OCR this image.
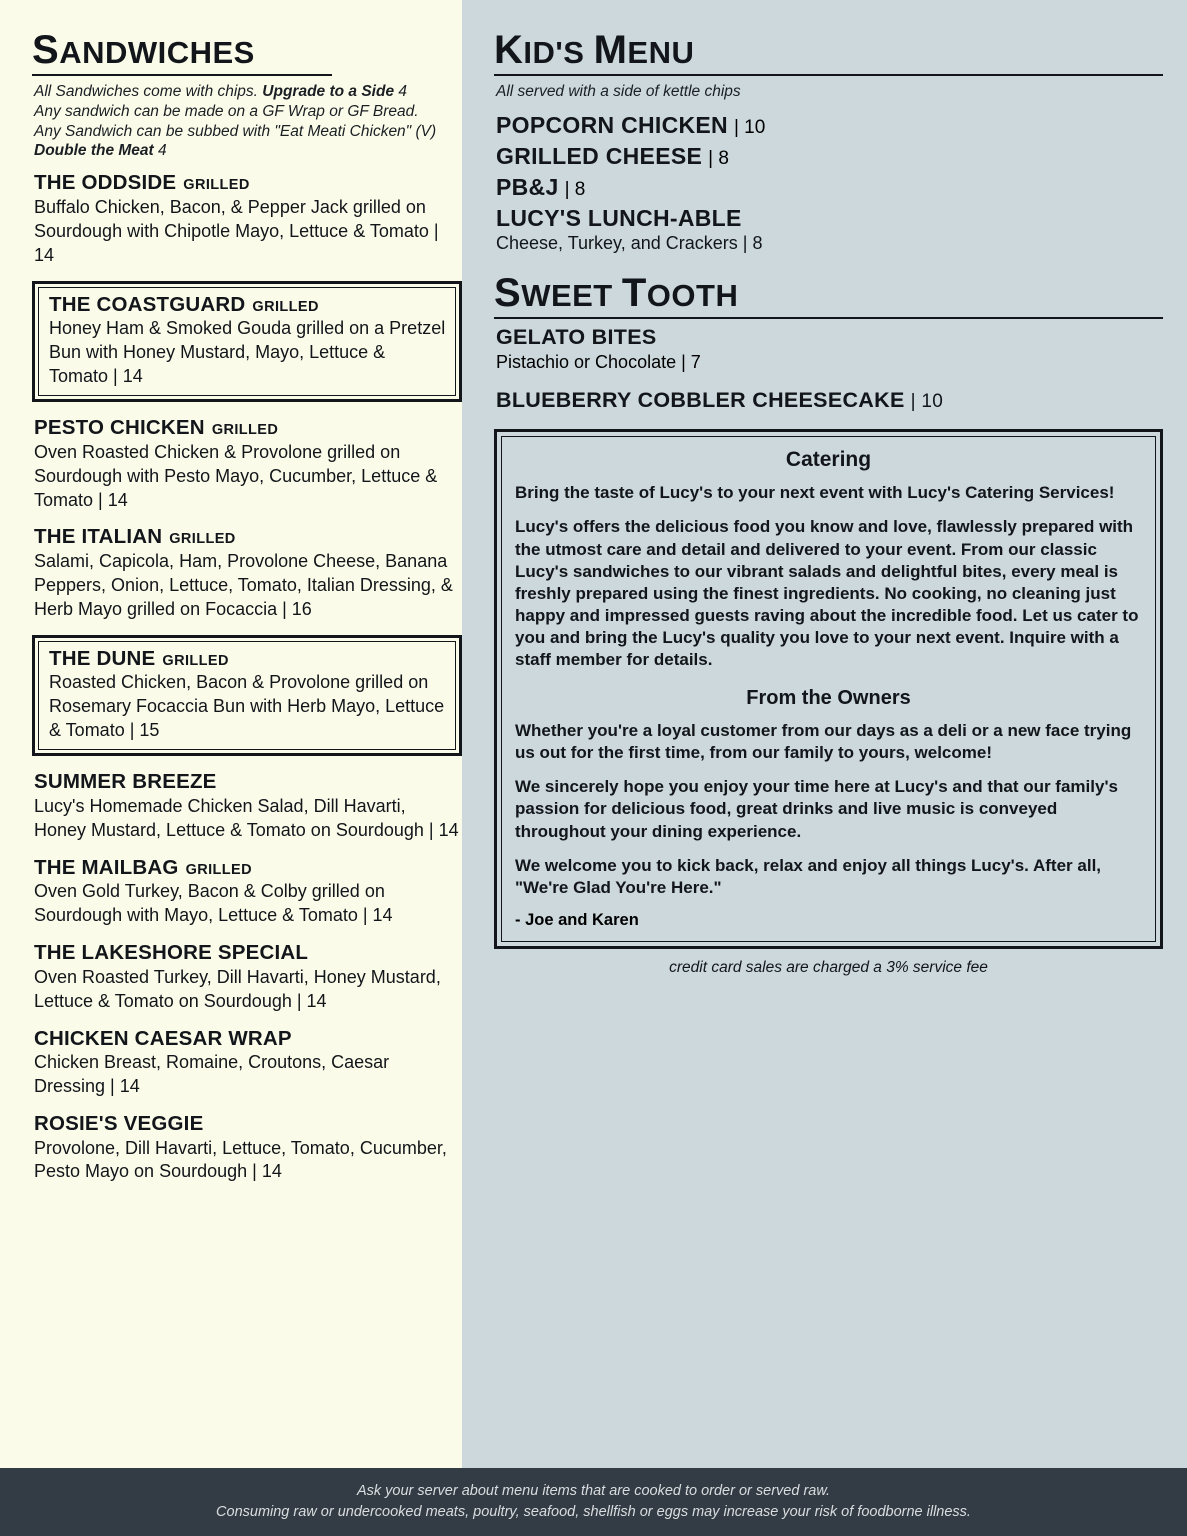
SANDWICHES
All Sandwiches come with chips. Upgrade to a Side 4
Any sandwich can be made on a GF Wrap or GF Bread.
Any Sandwich can be subbed with "Eat Meati Chicken" (V)
Double the Meat 4
THE ODDSIDE GRILLED
Buffalo Chicken, Bacon, & Pepper Jack grilled on Sourdough with Chipotle Mayo, Lettuce & Tomato | 14
THE COASTGUARD GRILLED
Honey Ham & Smoked Gouda grilled on a Pretzel Bun with Honey Mustard, Mayo, Lettuce & Tomato | 14
PESTO CHICKEN GRILLED
Oven Roasted Chicken & Provolone grilled on Sourdough with Pesto Mayo, Cucumber, Lettuce & Tomato | 14
THE ITALIAN GRILLED
Salami, Capicola, Ham, Provolone Cheese, Banana Peppers, Onion, Lettuce, Tomato, Italian Dressing, & Herb Mayo grilled on Focaccia | 16
THE DUNE GRILLED
Roasted Chicken, Bacon & Provolone grilled on Rosemary Focaccia Bun with Herb Mayo, Lettuce & Tomato | 15
SUMMER BREEZE
Lucy's Homemade Chicken Salad, Dill Havarti, Honey Mustard, Lettuce & Tomato on Sourdough | 14
THE MAILBAG GRILLED
Oven Gold Turkey, Bacon & Colby grilled on Sourdough with Mayo, Lettuce & Tomato | 14
THE LAKESHORE SPECIAL
Oven Roasted Turkey, Dill Havarti, Honey Mustard, Lettuce & Tomato on Sourdough | 14
CHICKEN CAESAR WRAP
Chicken Breast, Romaine, Croutons, Caesar Dressing | 14
ROSIE'S VEGGIE
Provolone, Dill Havarti, Lettuce, Tomato, Cucumber, Pesto Mayo on Sourdough | 14
KID'S MENU
All served with a side of kettle chips
POPCORN CHICKEN | 10
GRILLED CHEESE | 8
PB&J | 8
LUCY'S LUNCH-ABLE
Cheese, Turkey, and Crackers | 8
SWEET TOOTH
GELATO BITES
Pistachio or Chocolate | 7
BLUEBERRY COBBLER CHEESECAKE | 10
Catering

Bring the taste of Lucy's to your next event with Lucy's Catering Services!

Lucy's offers the delicious food you know and love, flawlessly prepared with the utmost care and detail and delivered to your event. From our classic Lucy's sandwiches to our vibrant salads and delightful bites, every meal is freshly prepared using the finest ingredients. No cooking, no cleaning just happy and impressed guests raving about the incredible food. Let us cater to you and bring the Lucy's quality you love to your next event. Inquire with a staff member for details.

From the Owners

Whether you're a loyal customer from our days as a deli or a new face trying us out for the first time, from our family to yours, welcome!

We sincerely hope you enjoy your time here at Lucy's and that our family's passion for delicious food, great drinks and live music is conveyed throughout your dining experience.

We welcome you to kick back, relax and enjoy all things Lucy's. After all, "We're Glad You're Here."

- Joe and Karen
credit card sales are charged a 3% service fee
Ask your server about menu items that are cooked to order or served raw.
Consuming raw or undercooked meats, poultry, seafood, shellfish or eggs may increase your risk of foodborne illness.
